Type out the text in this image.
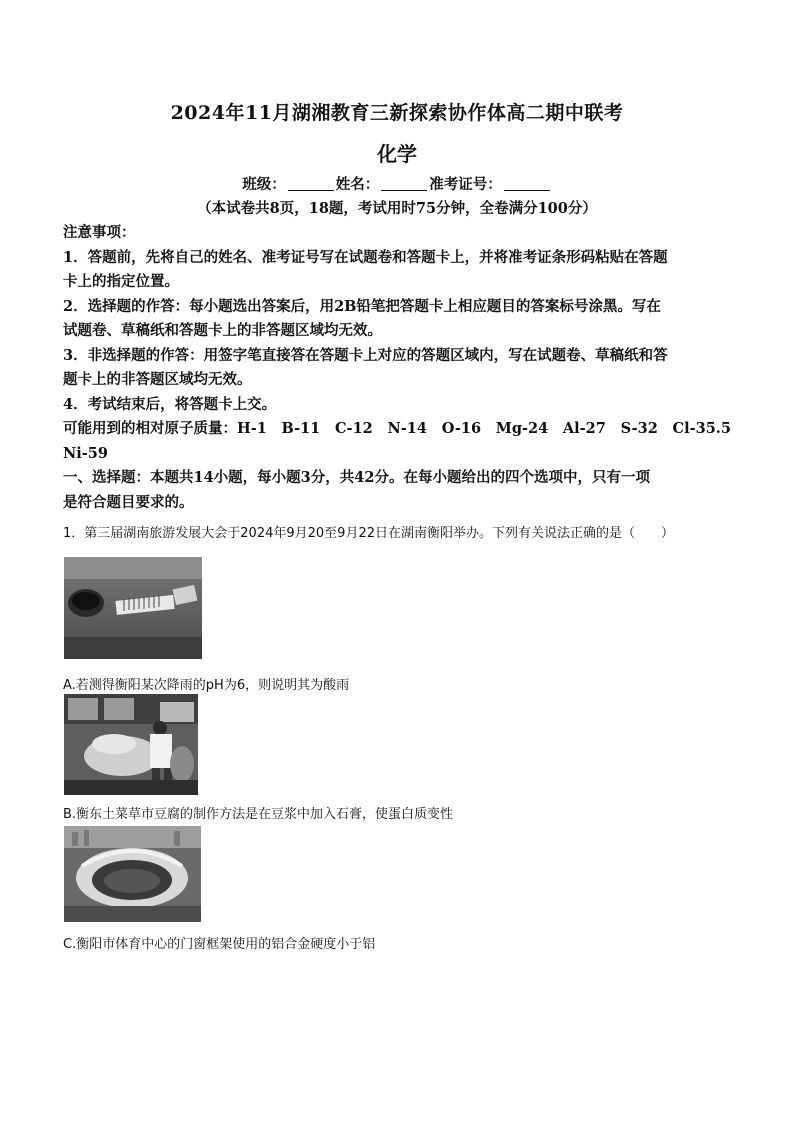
2024年11月湖湘教育三新探索协作体高二期中联考
化学
班级：	姓名：	准考证号：
（本试卷共8页，18题，考试用时75分钟，全卷满分100分）
注意事项：
1．答题前，先将自己的姓名、准考证号写在试题卷和答题卡上，并将准考证条形码粘贴在答题
卡上的指定位置。
2．选择题的作答：每小题选出答案后，用2B铅笔把答题卡上相应题目的答案标号涂黑。写在
试题卷、草稿纸和答题卡上的非答题区域均无效。
3．非选择题的作答：用签字笔直接答在答题卡上对应的答题区域内，写在试题卷、草稿纸和答
题卡上的非答题区域均无效。
4．考试结束后，将答题卡上交。
可能用到的相对原子质量：H-1 B-11 C-12 N-14 O-16 Mg-24 Al-27 S-32 Cl-35.5
Ni-59
一、选择题：本题共14小题，每小题3分，共42分。在每小题给出的四个选项中，只有一项
是符合题目要求的。
1．第三届湖南旅游发展大会于2024年9月20至9月22日在湖南衡阳举办。下列有关说法正确的是（ ）
A.若测得衡阳某次降雨的pH为6，则说明其为酸雨
B.衡东土菜草市豆腐的制作方法是在豆浆中加入石膏，使蛋白质变性
C.衡阳市体育中心的门窗框架使用的铝合金硬度小于铝
